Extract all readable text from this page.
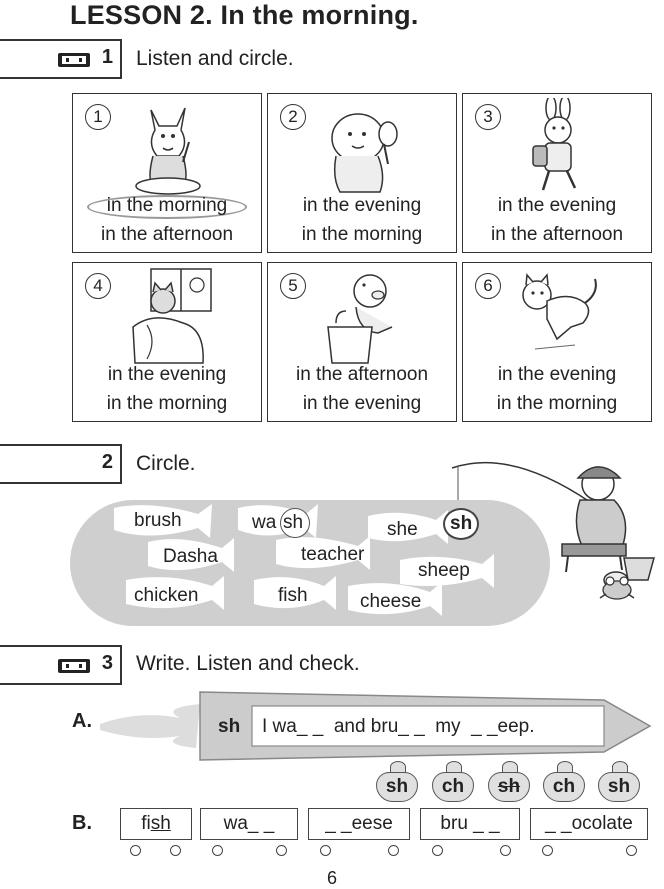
LESSON 2. In the morning.
1 Listen and circle.
1
in the morning
in the afternoon
2
in the evening
in the morning
3
in the evening
in the afternoon
4
in the evening
in the morning
5
in the afternoon
in the evening
6
in the evening
in the morning
2 Circle.
brush	wa sh	she sh
Dasha	teacher
sheep
chicken	fish	cheese
3 Write. Listen and check.
A.	sh I wa_ _  and bru_ _  my  _ _eep.
sh	ch	sh	ch	sh
B.	fish	wa_ _	_ _eese	bru _ _	_ _ocolate
6
